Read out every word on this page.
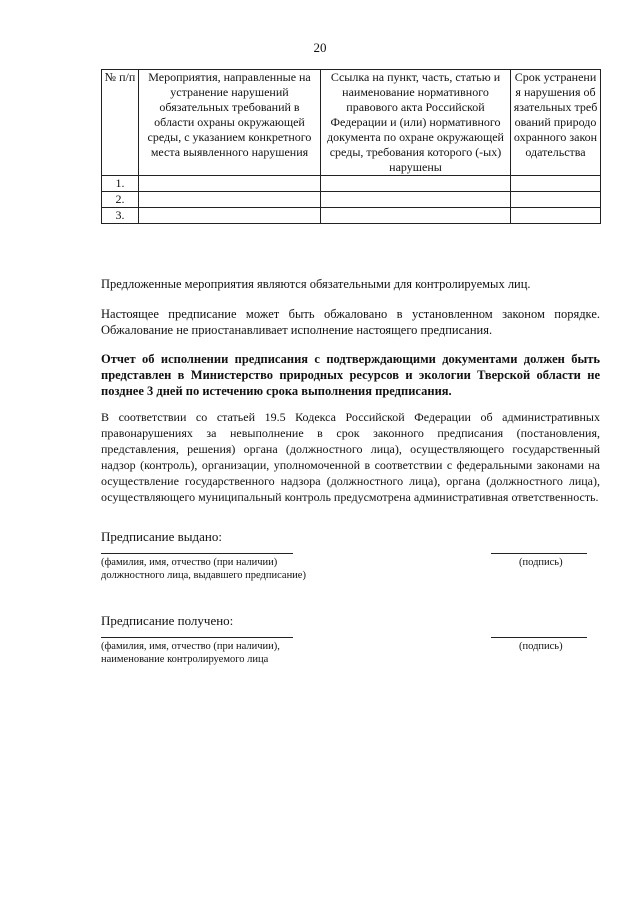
20
№ п/п	Мероприятия, направленные на устранение нарушений обязательных требований в области охраны окружающей среды, с указанием конкретного места выявленного нарушения	Ссылка на пункт, часть, статью и наименование нормативного правового акта Российской Федерации и (или) нормативного документа по охране окружающей среды, требования которого (-ых) нарушены	Срок устранения нарушения обязательных требований природоохранного законодательства
1.			
2.			
3.			

Предложенные мероприятия являются обязательными для контролируемых лиц.

Настоящее предписание может быть обжаловано в установленном законом порядке. Обжалование не приостанавливает исполнение настоящего предписания.

Отчет об исполнении предписания с подтверждающими документами должен быть представлен в Министерство природных ресурсов и экологии Тверской области не позднее 3 дней по истечению срока выполнения предписания.

В соответствии со статьей 19.5 Кодекса Российской Федерации об административных правонарушениях за невыполнение в срок законного предписания (постановления, представления, решения) органа (должностного лица), осуществляющего государственный надзор (контроль), организации, уполномоченной в соответствии с федеральными законами на осуществление государственного надзора (должностного лица), органа (должностного лица), осуществляющего муниципальный контроль предусмотрена административная ответственность.

Предписание выдано:

(фамилия, имя, отчество (при наличии)

должностного лица, выдавшего предписание)

(подпись)

Предписание получено:

(фамилия, имя, отчество (при наличии),

наименование контролируемого лица

(подпись)
